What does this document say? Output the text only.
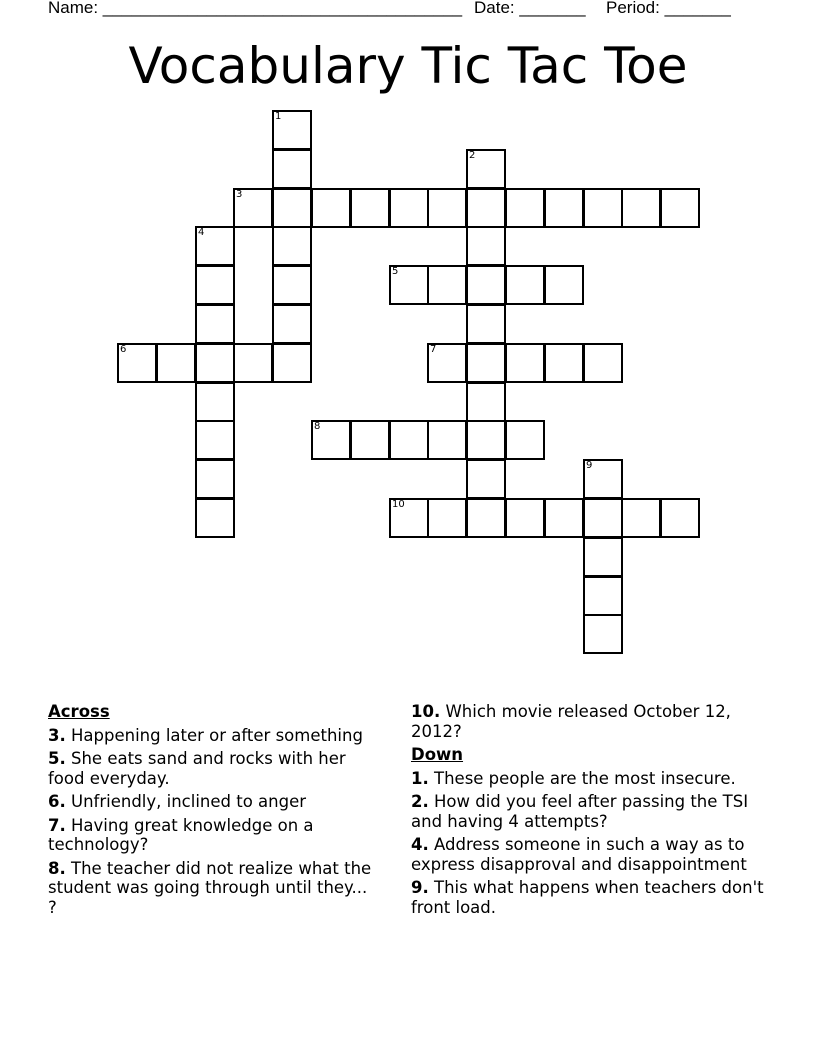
Name: ______________________________________

Date: _______

Period: _______

Vocabulary Tic Tac Toe
1
2
3
4
5
6	7
8
9
10
Across
3. Happening later or after something
5. She eats sand and rocks with her food everyday.
6. Unfriendly, inclined to anger
7. Having great knowledge on a technology?
8. The teacher did not realize what the student was going through until they... ?
10. Which movie released October 12, 2012?
Down
1. These people are the most insecure.
2. How did you feel after passing the TSI and having 4 attempts?
4. Address someone in such a way as to express disapproval and disappointment
9. This what happens when teachers don't front load.
